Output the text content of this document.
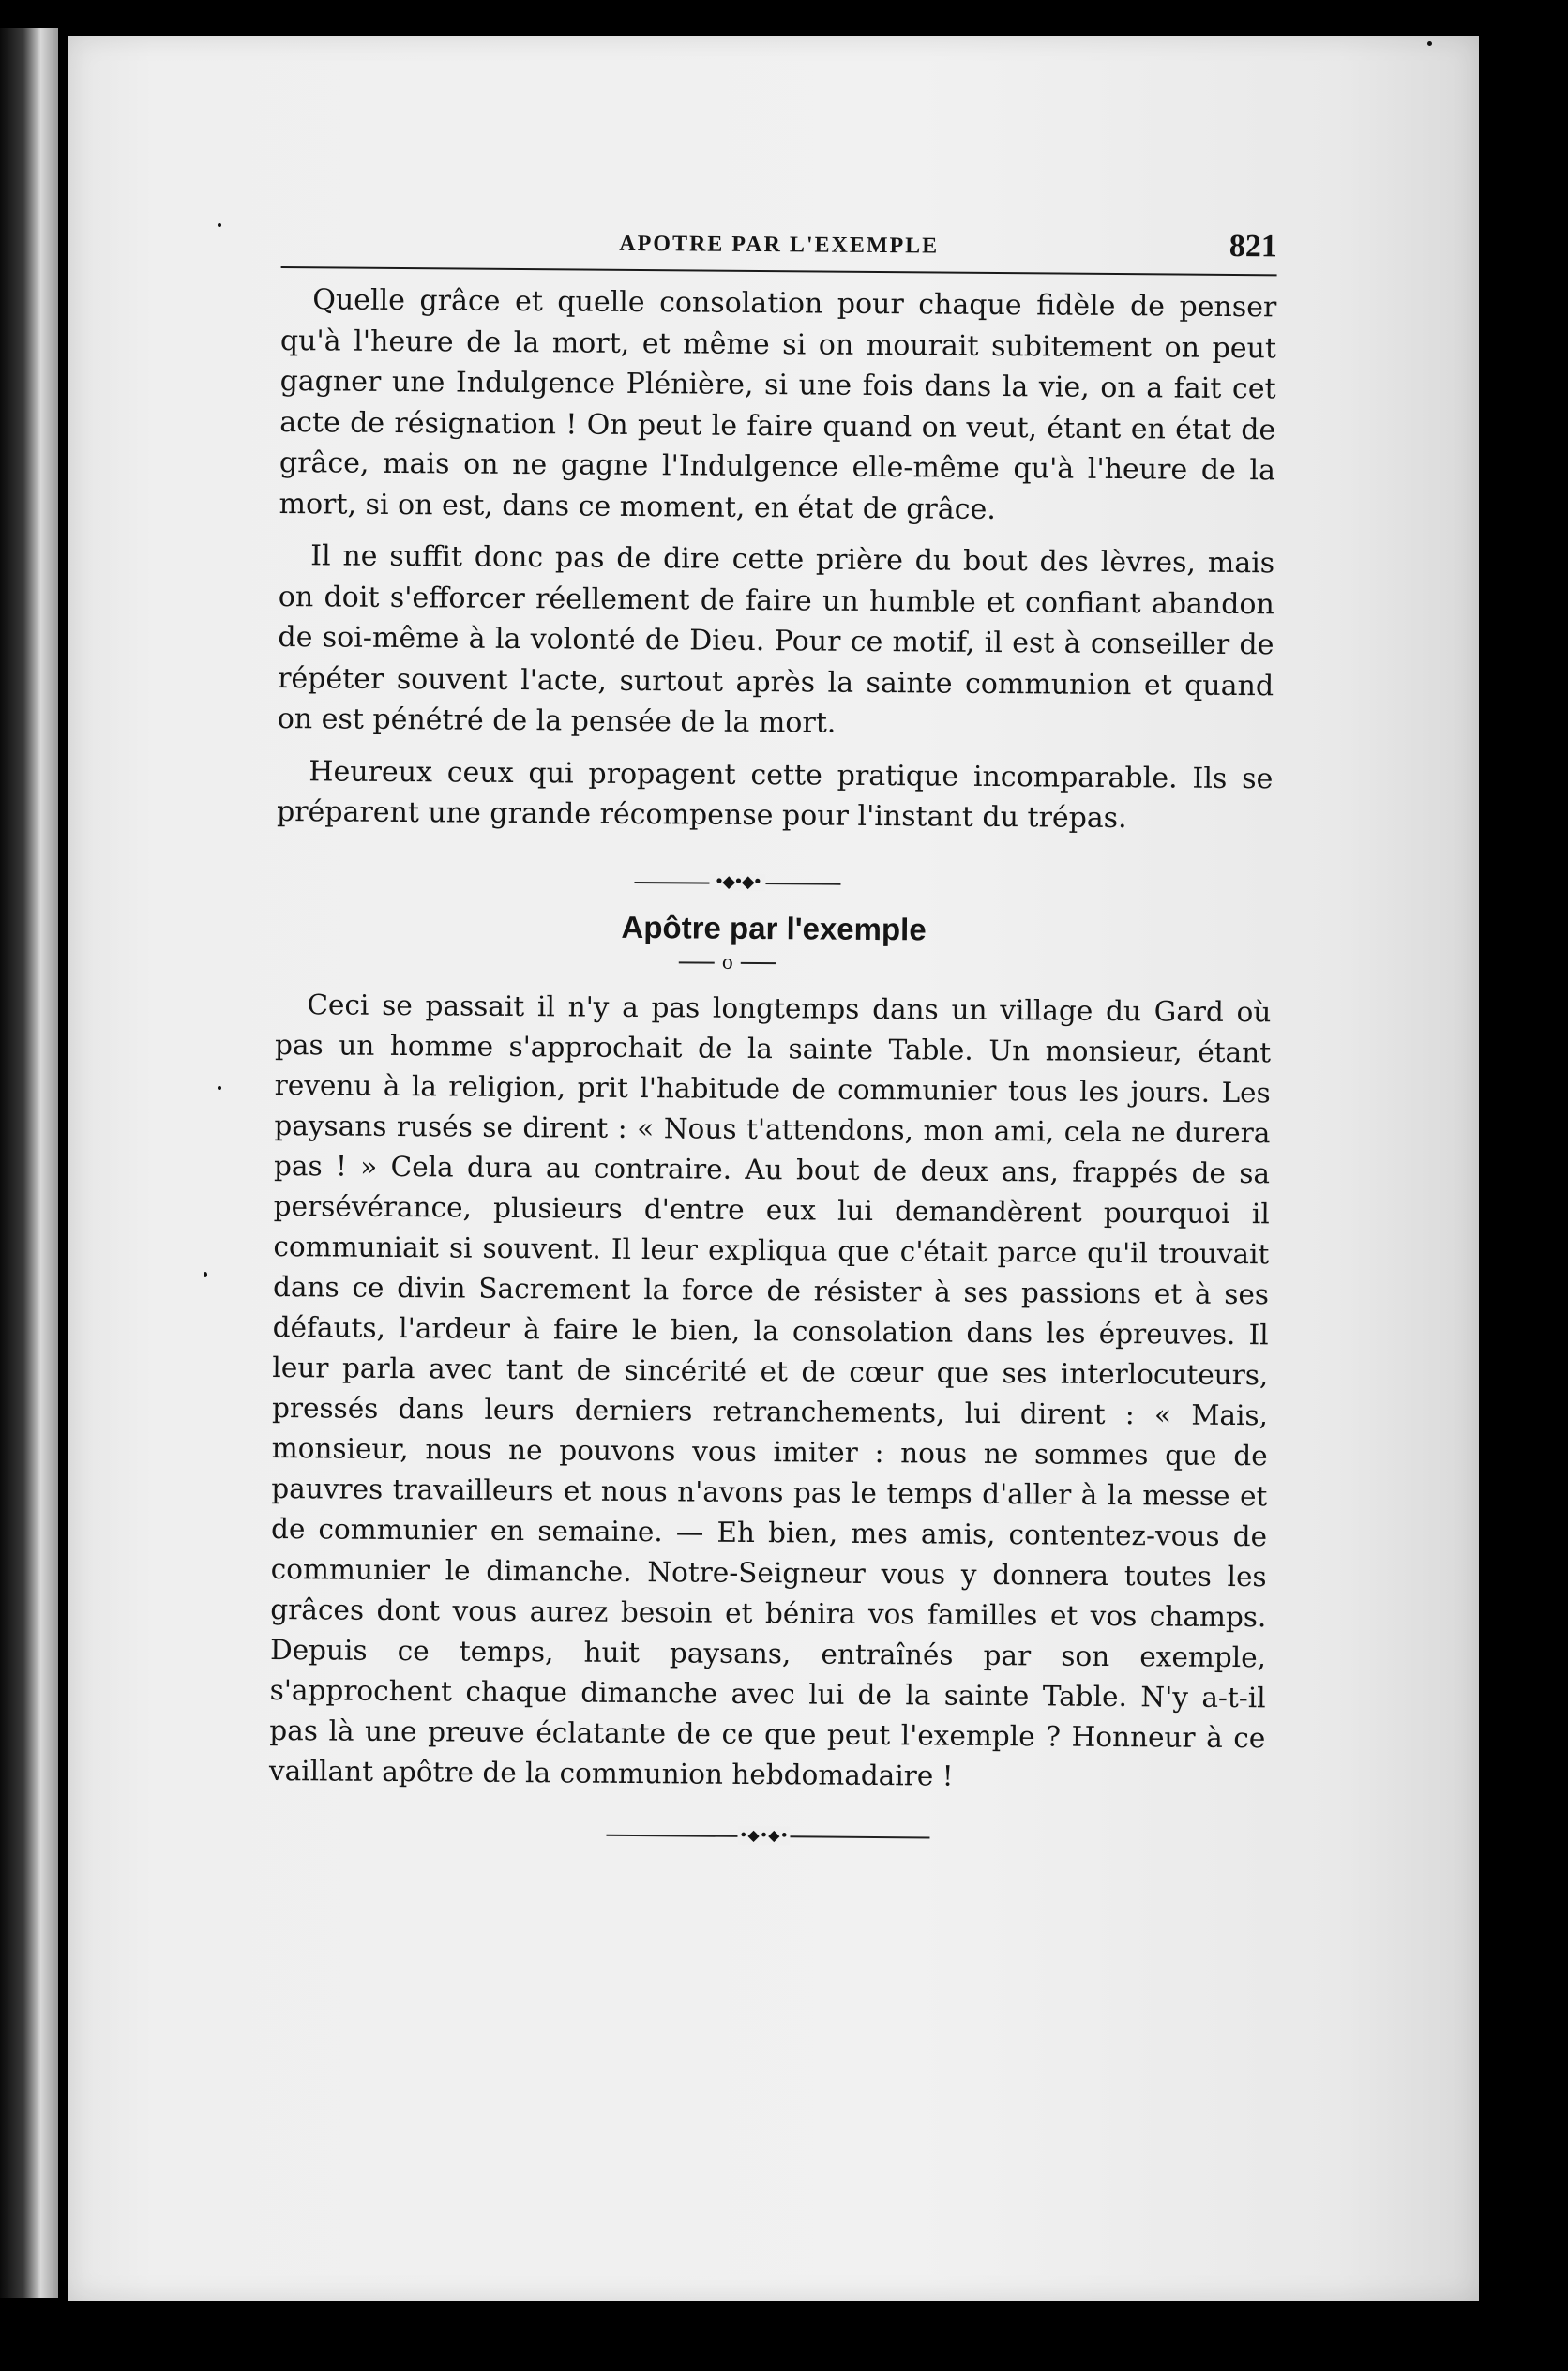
APOTRE PAR L'EXEMPLE	821

Quelle grâce et quelle consolation pour chaque fidèle de penser qu'à l'heure de la mort, et même si on mourait subitement on peut gagner une Indulgence Plénière, si une fois dans la vie, on a fait cet acte de résignation ! On peut le faire quand on veut, étant en état de grâce, mais on ne gagne l'Indulgence elle-même qu'à l'heure de la mort, si on est, dans ce moment, en état de grâce.

Il ne suffit donc pas de dire cette prière du bout des lèvres, mais on doit s'efforcer réellement de faire un humble et confiant abandon de soi-même à la volonté de Dieu. Pour ce motif, il est à conseiller de répéter souvent l'acte, surtout après la sainte communion et quand on est pénétré de la pensée de la mort.

Heureux ceux qui propagent cette pratique incomparable. Ils se préparent une grande récompense pour l'instant du trépas.

•◆•◆•
Apôtre par l'exemple
o

Ceci se passait il n'y a pas longtemps dans un village du Gard où pas un homme s'approchait de la sainte Table. Un monsieur, étant revenu à la religion, prit l'habitude de communier tous les jours. Les paysans rusés se dirent : « Nous t'attendons, mon ami, cela ne durera pas ! » Cela dura au contraire. Au bout de deux ans, frappés de sa persévérance, plusieurs d'entre eux lui demandèrent pourquoi il communiait si souvent. Il leur expliqua que c'était parce qu'il trouvait dans ce divin Sacrement la force de résister à ses passions et à ses défauts, l'ardeur à faire le bien, la consolation dans les épreuves. Il leur parla avec tant de sincérité et de cœur que ses interlocuteurs, pressés dans leurs derniers retranchements, lui dirent : « Mais, monsieur, nous ne pouvons vous imiter : nous ne sommes que de pauvres travailleurs et nous n'avons pas le temps d'aller à la messe et de communier en semaine. — Eh bien, mes amis, contentez-vous de communier le dimanche. Notre-Seigneur vous y donnera toutes les grâces dont vous aurez besoin et bénira vos familles et vos champs. Depuis ce temps, huit paysans, entraînés par son exemple, s'approchent chaque dimanche avec lui de la sainte Table. N'y a-t-il pas là une preuve éclatante de ce que peut l'exemple ? Honneur à ce vaillant apôtre de la communion hebdomadaire !

•◆•◆•
